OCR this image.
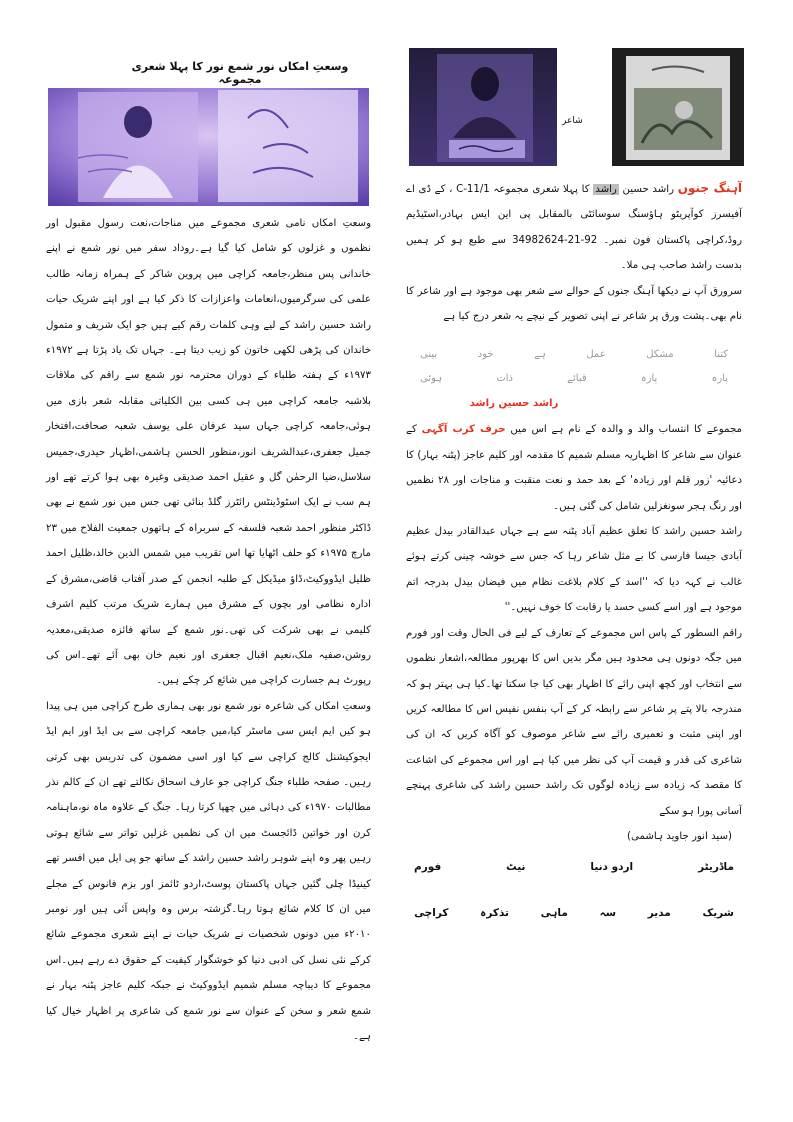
وسعتِ امکاں نور شمع نور کا پہلا شعری مجموعہ
شاعر

وسعتِ امکاں نامی شعری مجموعے میں مناجات،نعت رسول مقبول اور نظموں و غزلوں کو شامل کیا گیا ہے۔روداد سفر میں نور شمع نے اپنے خاندانی پس منظر،جامعہ کراچی میں پروین شاکر کے ہمراہ زمانہ طالب علمی کی سرگرمیوں،انعامات واعزازات کا ذکر کیا ہے اور اپنے شریک حیات راشد حسین راشد کے لیے وہی کلمات رقم کیے ہیں جو ایک شریف و متمول خاندان کی پڑھی لکھی خاتون کو زیب دیتا ہے۔ جہاں تک یاد پڑتا ہے ۱۹۷۲ء ۱۹۷۳ء کے ہفتہ طلباء کے دوران محترمہ نور شمع سے راقم کی ملاقات بلاشبہ جامعہ کراچی میں ہی کسی بین الکلیاتی مقابلہ شعر بازی میں ہوئی،جامعہ کراچی جہاں سید عرفان علی یوسف شعبہ صحافت،افتخار جمیل جعفری،عبدالشریف انور،منظور الحسن ہاشمی،اظہار حیدری،جمیس سلاسل،ضیا الرحمٰن گل و عقیل احمد صدیقی وغیرہ بھی ہوا کرتے تھے اور ہم سب نے ایک اسٹوڈینٹس رائٹرز گلڈ بنائی تھی جس میں نور شمع نے بھی ڈاکٹر منظور احمد شعبہ فلسفہ کے سربراہ کے ہاتھوں جمعیت الفلاح میں ۲۳ مارچ ۱۹۷۵ء کو حلف اٹھایا تھا اس تقریب میں شمس الدین خالد،ظلیل احمد ظلیل ایڈووکیٹ،ڈاؤ میڈیکل کے طلبہ انجمن کے صدر آفتاب قاضی،مشرق کے ادارہ نظامی اور بچوں کے مشرق میں ہمارے شریک مرتب کلیم اشرف کلیمی نے بھی شرکت کی تھی۔نور شمع کے ساتھ فائزہ صدیقی،معدیہ روشن،صفیہ ملک،نعیم اقبال جعفری اور نعیم خان بھی آئے تھے۔اس کی رپورٹ ہم جسارت کراچی میں شائع کر چکے ہیں۔

وسعتِ امکاں کی شاعرہ نور شمع نور بھی ہماری طرح کراچی میں ہی پیدا ہو کیں ایم ایس سی ماسٹر کیا،میں جامعہ کراچی سے بی ایڈ اور ایم ایڈ ایجوکیشنل کالج کراچی سے کیا اور اسی مضمون کی تدریس بھی کرتی رہیں۔ صفحہ طلباء جنگ کراچی جو عارف اسحاق نکالتے تھے ان کے کالم نذر مطالبات ۱۹۷۰ء کی دہائی میں چھپا کرتا رہا۔ جنگ کے علاوہ ماہ نو،ماہنامہ کرن اور خواتین ڈائجسٹ میں ان کی نظمیں غزلیں تواتر سے شائع ہوتی رہیں پھر وہ اپنے شوہر راشد حسین راشد کے ساتھ جو پی ایل میں افسر تھے کینیڈا چلی گئیں جہاں پاکستان پوسٹ،اردو ٹائمز اور بزم فانوس کے مجلے میں ان کا کلام شائع ہوتا رہا۔گزشتہ برس وہ واپس آئی ہیں اور نومبر ۲۰۱۰ء میں دونوں شخصیات نے شریک حیات نے اپنے شعری مجموعے شائع کرکے نئی نسل کی ادبی دنیا کو خوشگوار کیفیت کے حقوق دے رہے ہیں۔اس مجموعے کا دیباچہ مسلم شمیم ایڈووکیٹ نے جبکہ کلیم عاجز پٹنہ بہار نے شمع شعر و سخن کے عنوان سے نور شمع کی شاعری پر اظہار خیال کیا ہے۔

آہنگ جنوں راشد حسین راشد کا پہلا شعری مجموعہ C-11/1 ، کے ڈی اے آفیسرز کوآپریٹو ہاؤسنگ سوسائٹی بالمقابل پی این ایس بہادر،اسٹیڈیم روڈ،کراچی پاکستان فون نمبر۔ 92-21-34982624 سے طبع ہو کر ہمیں بدست راشد صاحب ہی ملا۔

سرورق آپ نے دیکھا آہنگ جنوں کے حوالے سے شعر بھی موجود ہے اور شاعر کا نام بھی۔پشت ورق پر شاعر نے اپنی تصویر کے نیچے یہ شعر درج کیا ہے

کتنا
مشکل
عمل
ہے
خود
بینی
پارہ
پارہ
قبائے
ذات
ہوئی
راشد حسین راشد

مجموعے کا انتساب والد و والدہ کے نام ہے اس میں حرف کرب آگہی کے عنوان سے شاعر کا اظہاریہ مسلم شمیم کا مقدمہ اور کلیم عاجز (پٹنہ بہار) کا دعائیہ 'زور قلم اور زیادہ' کے بعد حمد و نعت منقبت و مناجات اور ۲۸ نظمیں اور رنگ ہجر سونغزلیں شامل کی گئی ہیں۔

راشد حسین راشد کا تعلق عظیم آباد پٹنہ سے ہے جہاں عبدالقادر بیدل عظیم آبادی جیسا فارسی کا بے مثل شاعر رہا کہ جس سے خوشہ چینی کرتے ہوئے غالب نے کہہ دیا کہ ''اسد کے کلام بلاغت نظام میں فیضان بیدل بدرجہ اتم موجود ہے اور اسے کسی حسد یا رقابت کا خوف نہیں۔''

راقم السطور کے پاس اس مجموعے کے تعارف کے لیے فی الحال وقت اور فورم میں جگہ دونوں ہی محدود ہیں مگر بدیں اس کا بھرپور مطالعہ،اشعار نظموں سے انتخاب اور کچھ اپنی رائے کا اظہار بھی کیا جا سکتا تھا۔کیا ہی بہتر ہو کہ مندرجہ بالا پتے پر شاعر سے رابطہ کر کے آپ بنفس نفیس اس کا مطالعہ کریں اور اپنی مثبت و تعمیری رائے سے شاعر موصوف کو آگاہ کریں کہ ان کی شاعری کی قدر و قیمت آپ کی نظر میں کیا ہے اور اس مجموعے کی اشاعت کا مقصد کہ زیادہ سے زیادہ لوگوں تک راشد حسین راشد کی شاعری پہنچے آسانی پورا ہو سکے

(سید انور جاوید ہاشمی)

ماڈریٹر
اردو دنیا
نیٹ
فورم
شریک
مدیر
سہ
ماہی
تذکرہ
کراچی
